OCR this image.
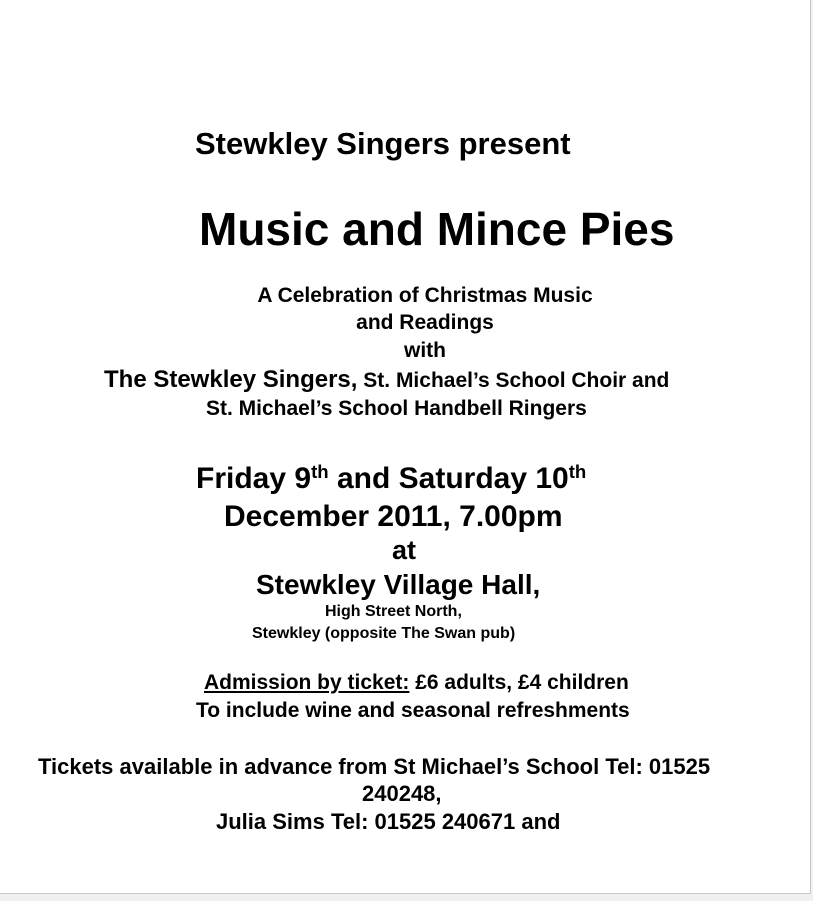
Stewkley Singers present

Music and Mince Pies

A Celebration of Christmas Music

and Readings

with

The Stewkley Singers, St. Michael’s School Choir and

St. Michael’s School Handbell Ringers

Friday 9th and Saturday 10th

December 2011, 7.00pm

at

Stewkley Village Hall,

High Street North,

Stewkley (opposite The Swan pub)

Admission by ticket: £6 adults, £4 children

To include wine and seasonal refreshments

Tickets available in advance from St Michael’s School Tel: 01525

240248,

Julia Sims Tel: 01525 240671 and
